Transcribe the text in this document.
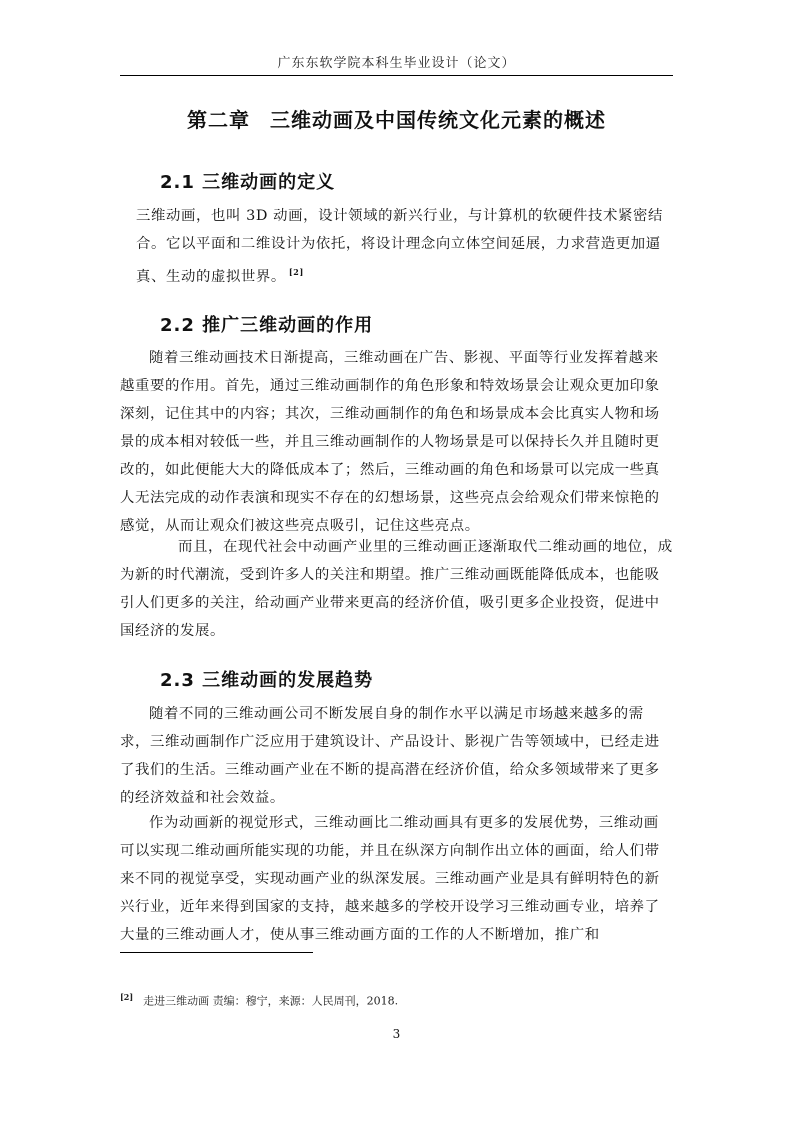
广东东软学院本科生毕业设计（论文）
第二章 三维动画及中国传统文化元素的概述
2.1 三维动画的定义

三维动画，也叫 3D 动画，设计领域的新兴行业，与计算机的软硬件技术紧密结合。它以平面和二维设计为依托，将设计理念向立体空间延展，力求营造更加逼真、生动的虚拟世界。 [2]

2.2 推广三维动画的作用

随着三维动画技术日渐提高，三维动画在广告、影视、平面等行业发挥着越来越重要的作用。首先，通过三维动画制作的角色形象和特效场景会让观众更加印象深刻，记住其中的内容；其次，三维动画制作的角色和场景成本会比真实人物和场景的成本相对较低一些，并且三维动画制作的人物场景是可以保持长久并且随时更改的，如此便能大大的降低成本了；然后，三维动画的角色和场景可以完成一些真人无法完成的动作表演和现实不存在的幻想场景，这些亮点会给观众们带来惊艳的感觉，从而让观众们被这些亮点吸引，记住这些亮点。

而且，在现代社会中动画产业里的三维动画正逐渐取代二维动画的地位，成为新的时代潮流，受到许多人的关注和期望。推广三维动画既能降低成本，也能吸引人们更多的关注，给动画产业带来更高的经济价值，吸引更多企业投资，促进中国经济的发展。

2.3 三维动画的发展趋势

随着不同的三维动画公司不断发展自身的制作水平以满足市场越来越多的需求，三维动画制作广泛应用于建筑设计、产品设计、影视广告等领域中，已经走进了我们的生活。三维动画产业在不断的提高潜在经济价值，给众多领域带来了更多的经济效益和社会效益。

作为动画新的视觉形式，三维动画比二维动画具有更多的发展优势，三维动画可以实现二维动画所能实现的功能，并且在纵深方向制作出立体的画面，给人们带来不同的视觉享受，实现动画产业的纵深发展。三维动画产业是具有鲜明特色的新兴行业，近年来得到国家的支持，越来越多的学校开设学习三维动画专业，培养了大量的三维动画人才，使从事三维动画方面的工作的人不断增加，推广和

[2] 走进三维动画 责编：穆宁，来源：人民周刊，2018.
3
